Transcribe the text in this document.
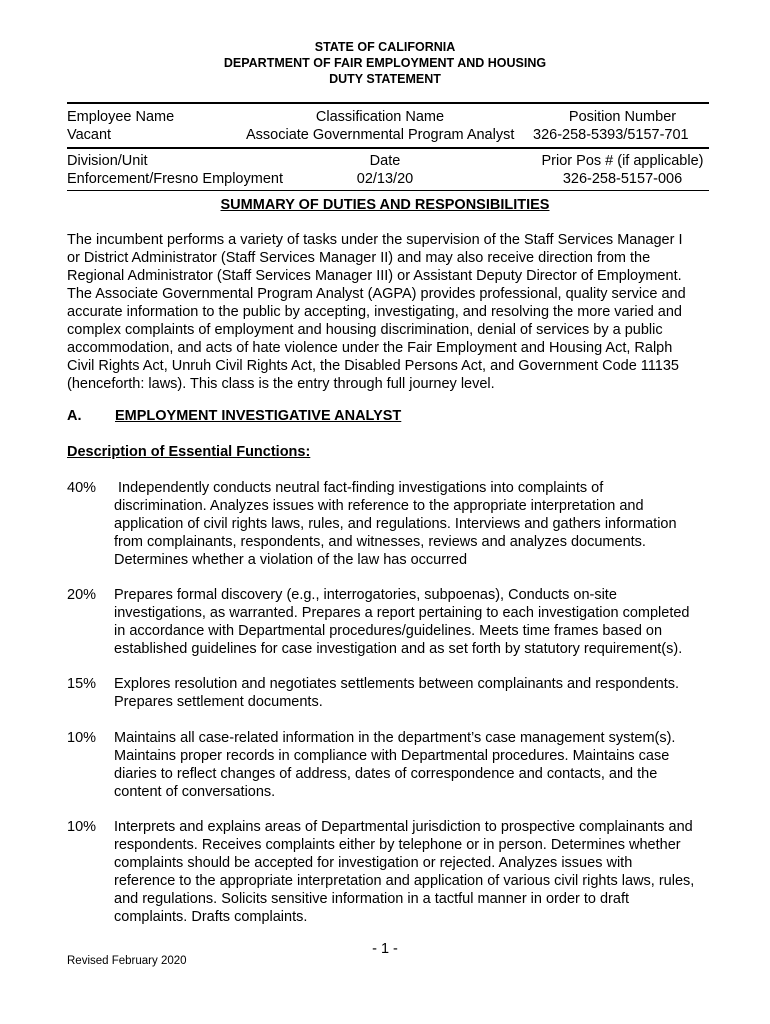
STATE OF CALIFORNIA
DEPARTMENT OF FAIR EMPLOYMENT AND HOUSING
DUTY STATEMENT
Employee Name
Vacant
Classification Name
Associate Governmental Program Analyst
Position Number
326-258-5393/5157-701
Division/Unit
Enforcement/Fresno Employment
Date
02/13/20
Prior Pos # (if applicable)
326-258-5157-006
SUMMARY OF DUTIES AND RESPONSIBILITIES
The incumbent performs a variety of tasks under the supervision of the Staff Services Manager I
or District Administrator (Staff Services Manager II) and may also receive direction from the
Regional Administrator (Staff Services Manager III) or Assistant Deputy Director of Employment.
The Associate Governmental Program Analyst (AGPA) provides professional, quality service and
accurate information to the public by accepting, investigating, and resolving the more varied and
complex complaints of employment and housing discrimination, denial of services by a public
accommodation, and acts of hate violence under the Fair Employment and Housing Act, Ralph
Civil Rights Act, Unruh Civil Rights Act, the Disabled Persons Act, and Government Code 11135
(henceforth: laws). This class is the entry through full journey level.
A. EMPLOYMENT INVESTIGATIVE ANALYST
Description of Essential Functions:
40% Independently conducts neutral fact-finding investigations into complaints of
discrimination. Analyzes issues with reference to the appropriate interpretation and
application of civil rights laws, rules, and regulations. Interviews and gathers information
from complainants, respondents, and witnesses, reviews and analyzes documents.
Determines whether a violation of the law has occurred
20% Prepares formal discovery (e.g., interrogatories, subpoenas), Conducts on-site
investigations, as warranted. Prepares a report pertaining to each investigation completed
in accordance with Departmental procedures/guidelines. Meets time frames based on
established guidelines for case investigation and as set forth by statutory requirement(s).
15% Explores resolution and negotiates settlements between complainants and respondents.
Prepares settlement documents.
10% Maintains all case-related information in the department’s case management system(s).
Maintains proper records in compliance with Departmental procedures. Maintains case
diaries to reflect changes of address, dates of correspondence and contacts, and the
content of conversations.
10% Interprets and explains areas of Departmental jurisdiction to prospective complainants and
respondents. Receives complaints either by telephone or in person. Determines whether
complaints should be accepted for investigation or rejected. Analyzes issues with
reference to the appropriate interpretation and application of various civil rights laws, rules,
and regulations. Solicits sensitive information in a tactful manner in order to draft
complaints. Drafts complaints.
- 1 -
Revised February 2020
